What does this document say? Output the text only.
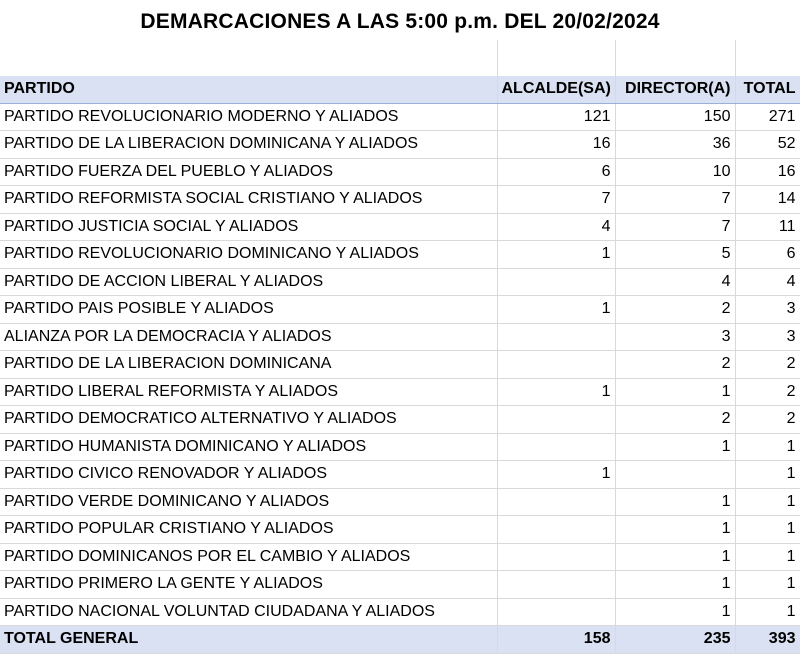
DEMARCACIONES A LAS 5:00 p.m. DEL 20/02/2024
PARTIDO	ALCALDE(SA)	DIRECTOR(A)	TOTAL
PARTIDO REVOLUCIONARIO MODERNO Y ALIADOS	121	150	271
PARTIDO DE LA LIBERACION DOMINICANA Y ALIADOS	16	36	52
PARTIDO FUERZA DEL PUEBLO Y ALIADOS	6	10	16
PARTIDO REFORMISTA SOCIAL CRISTIANO Y ALIADOS	7	7	14
PARTIDO JUSTICIA SOCIAL Y ALIADOS	4	7	11
PARTIDO REVOLUCIONARIO DOMINICANO Y ALIADOS	1	5	6
PARTIDO DE ACCION LIBERAL Y ALIADOS		4	4
PARTIDO PAIS POSIBLE Y ALIADOS	1	2	3
ALIANZA POR LA DEMOCRACIA Y ALIADOS		3	3
PARTIDO DE LA LIBERACION DOMINICANA		2	2
PARTIDO LIBERAL REFORMISTA Y ALIADOS	1	1	2
PARTIDO DEMOCRATICO ALTERNATIVO Y ALIADOS		2	2
PARTIDO HUMANISTA DOMINICANO Y ALIADOS		1	1
PARTIDO CIVICO RENOVADOR Y ALIADOS	1		1
PARTIDO VERDE DOMINICANO Y ALIADOS		1	1
PARTIDO POPULAR CRISTIANO Y ALIADOS		1	1
PARTIDO DOMINICANOS POR EL CAMBIO Y ALIADOS		1	1
PARTIDO PRIMERO LA GENTE Y ALIADOS		1	1
PARTIDO NACIONAL VOLUNTAD CIUDADANA Y ALIADOS		1	1
TOTAL GENERAL	158	235	393
